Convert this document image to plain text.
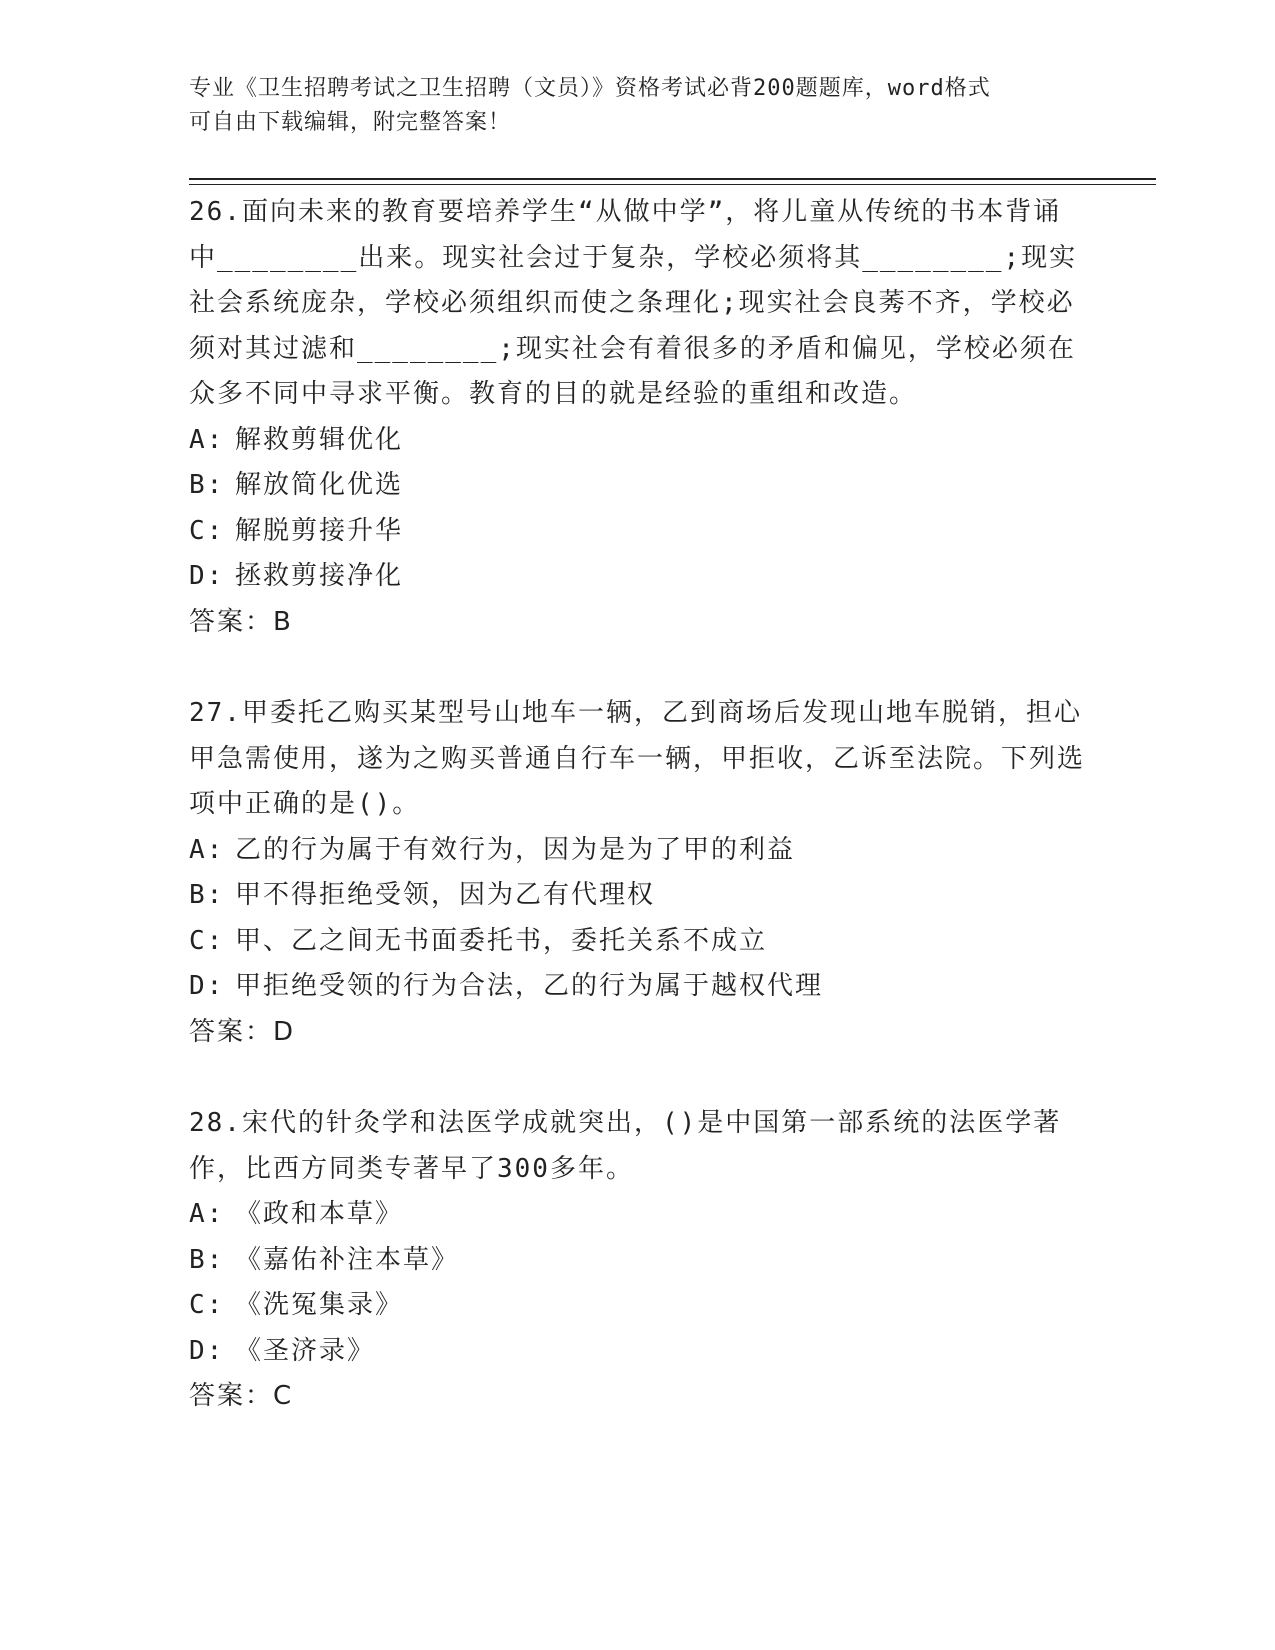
专业《卫生招聘考试之卫生招聘（文员）》资格考试必背200题题库，word格式
可自由下载编辑，附完整答案！

26.面向未来的教育要培养学生“从做中学”，将儿童从传统的书本背诵中________出来。现实社会过于复杂，学校必须将其________;现实社会系统庞杂，学校必须组织而使之条理化;现实社会良莠不齐，学校必须对其过滤和________;现实社会有着很多的矛盾和偏见，学校必须在众多不同中寻求平衡。教育的目的就是经验的重组和改造。

A: 解救剪辑优化
B: 解放简化优选
C: 解脱剪接升华
D: 拯救剪接净化
答案：B

27.甲委托乙购买某型号山地车一辆，乙到商场后发现山地车脱销，担心甲急需使用，遂为之购买普通自行车一辆，甲拒收，乙诉至法院。下列选项中正确的是()。

A: 乙的行为属于有效行为，因为是为了甲的利益
B: 甲不得拒绝受领，因为乙有代理权
C: 甲、乙之间无书面委托书，委托关系不成立
D: 甲拒绝受领的行为合法，乙的行为属于越权代理
答案：D

28.宋代的针灸学和法医学成就突出，()是中国第一部系统的法医学著作，比西方同类专著早了300多年。

A: 《政和本草》
B: 《嘉佑补注本草》
C: 《洗冤集录》
D: 《圣济录》
答案：C
